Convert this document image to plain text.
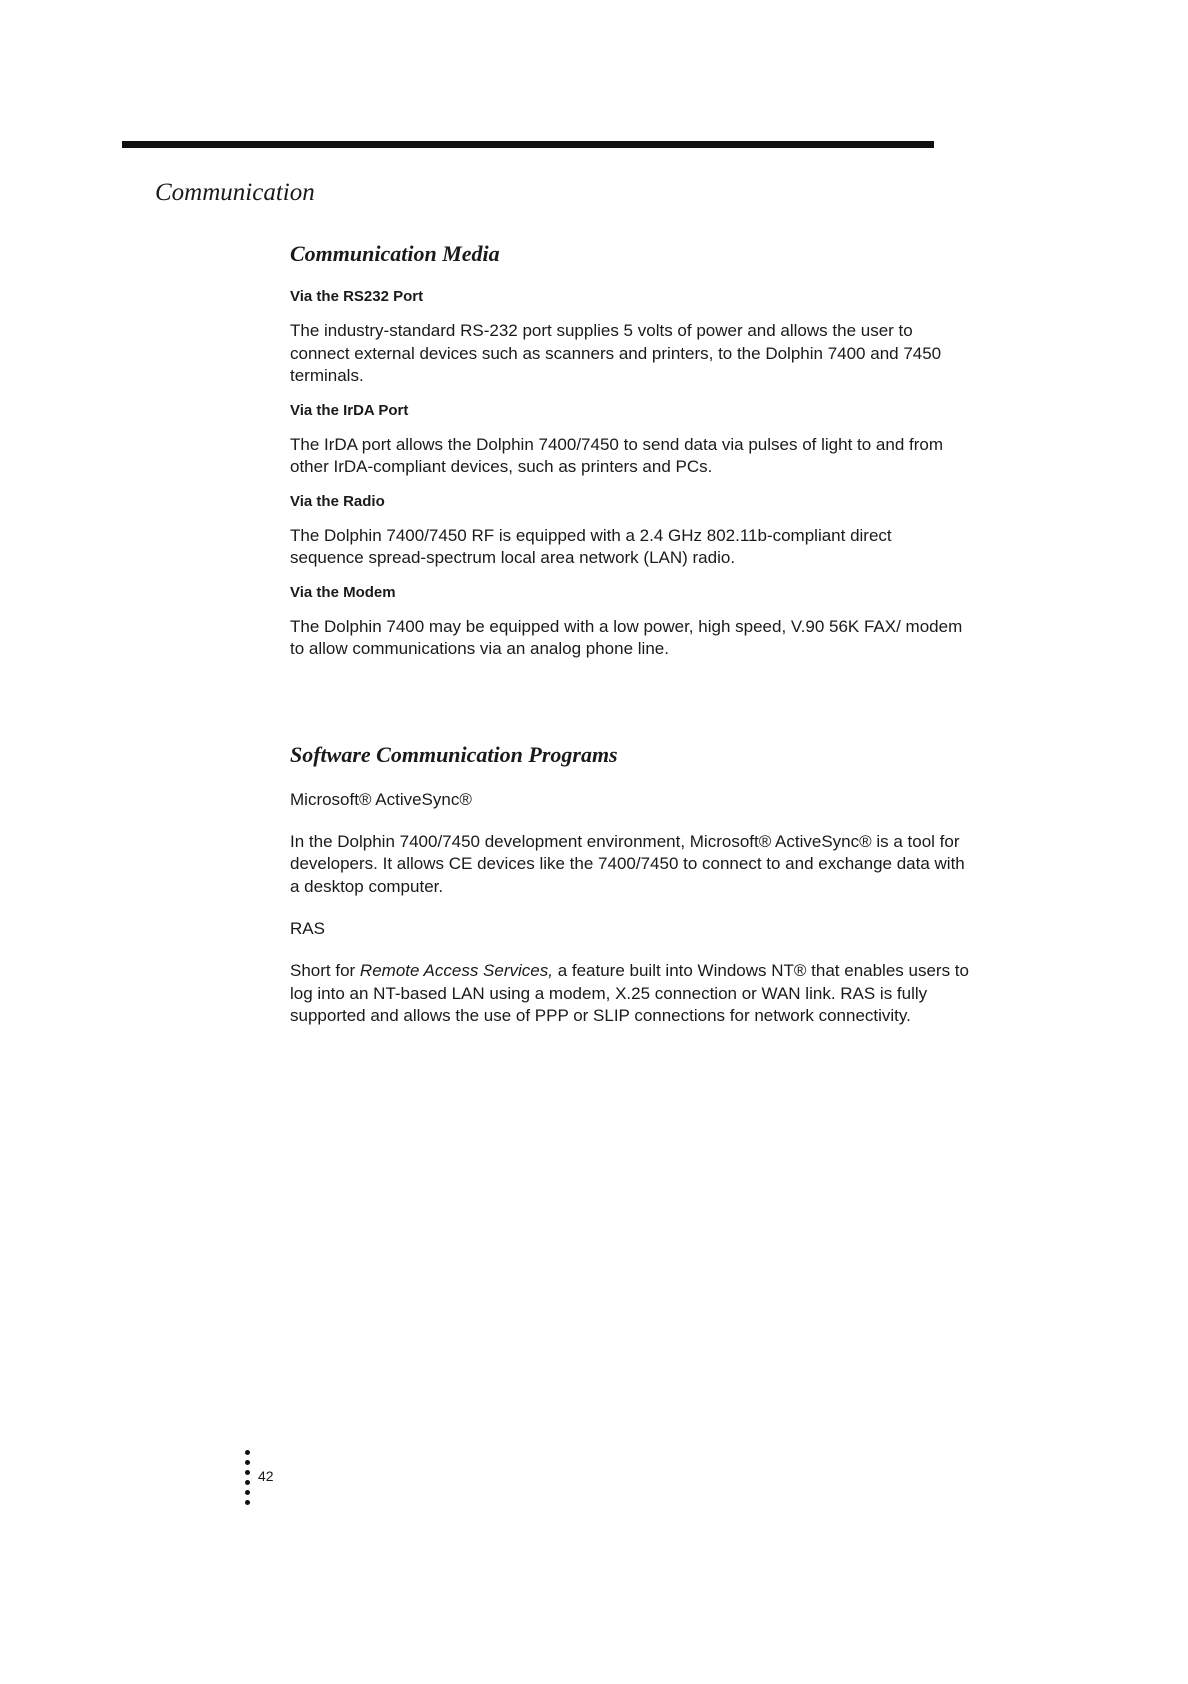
Communication
Communication Media
Via the RS232 Port

The industry-standard RS-232 port supplies 5 volts of power and allows the user to connect external devices such as scanners and printers, to the Dolphin 7400 and 7450 terminals.

Via the IrDA Port

The IrDA port allows the Dolphin 7400/7450 to send data via pulses of light to and from other IrDA-compliant devices, such as printers and PCs.

Via the Radio

The Dolphin 7400/7450 RF is equipped with a 2.4 GHz 802.11b-compliant direct sequence spread-spectrum local area network (LAN) radio.

Via the Modem

The Dolphin 7400 may be equipped with a low power, high speed, V.90 56K FAX/ modem to allow communications via an analog phone line.

Software Communication Programs

Microsoft® ActiveSync®

In the Dolphin 7400/7450 development environment, Microsoft® ActiveSync® is a tool for developers. It allows CE devices like the 7400/7450 to connect to and exchange data with a desktop computer.

RAS

Short for Remote Access Services, a feature built into Windows NT® that enables users to log into an NT-based LAN using a modem, X.25 connection or WAN link. RAS is fully supported and allows the use of PPP or SLIP connections for network connectivity.

42
